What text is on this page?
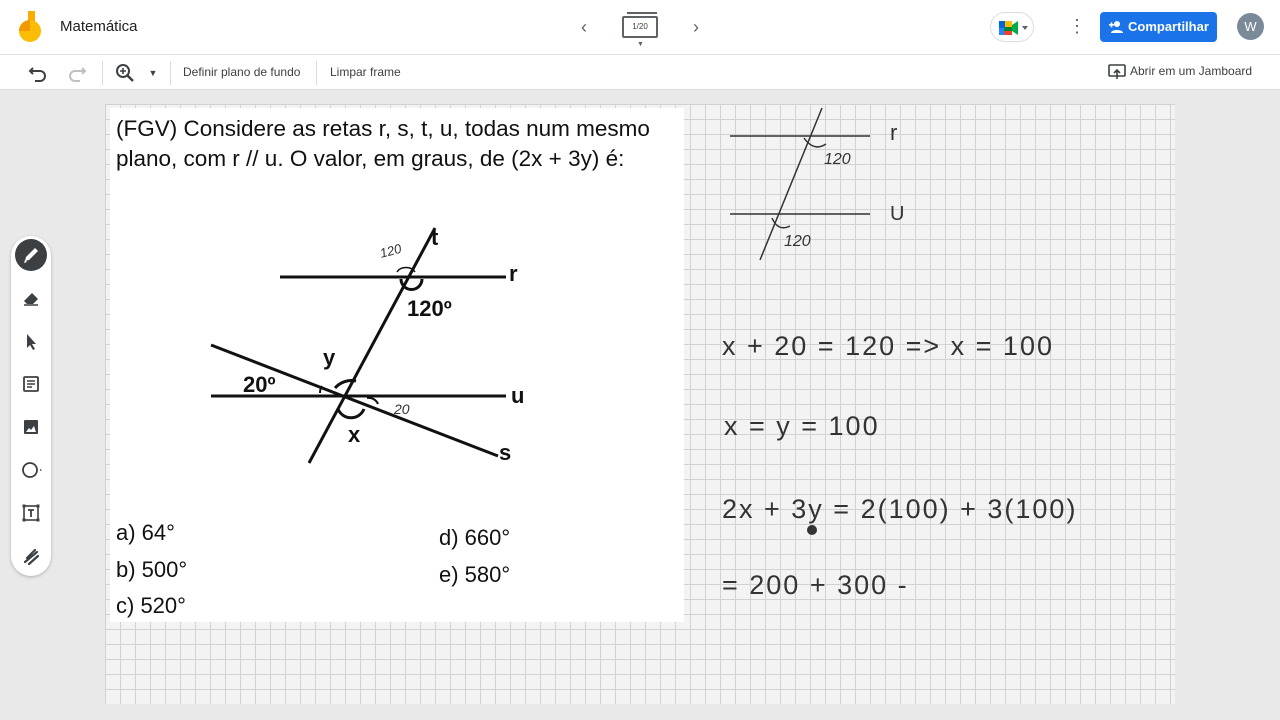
Matemática	‹	1/20
▼
›	⋮	Compartilhar	W
▼	Definir plano de fundo Limpar frame	Abrir em um Jamboard
(FGV) Considere as retas r, s, t, u, todas num mesmo plano, com r // u. O valor, em graus, de (2x + 3y) é:
t
r
u
s
120º
20º
y
x
120
20
a) 64°
b) 500°
c) 520°
d) 660°
e) 580°
r
U
120
120
x + 20 = 120 => x = 100
x = y = 100
2x + 3y = 2(100) + 3(100)
= 200 + 300 -
